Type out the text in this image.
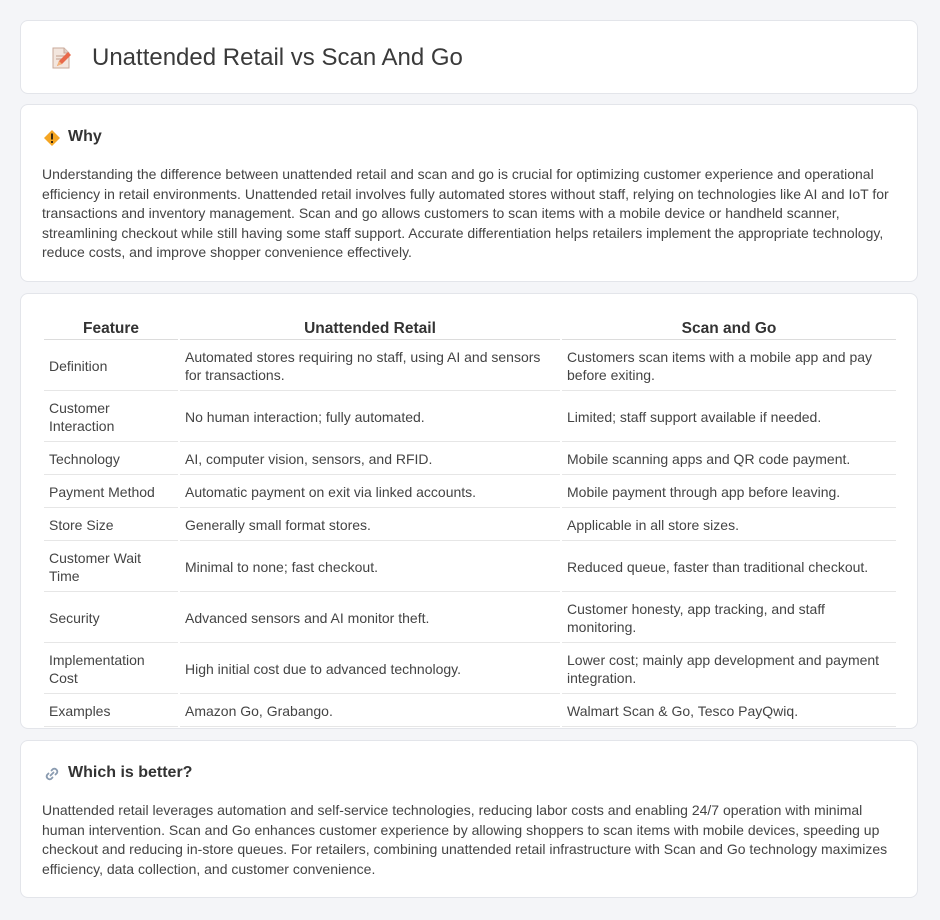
Unattended Retail vs Scan And Go
Why

Understanding the difference between unattended retail and scan and go is crucial for optimizing customer experience and operational efficiency in retail environments. Unattended retail involves fully automated stores without staff, relying on technologies like AI and IoT for transactions and inventory management. Scan and go allows customers to scan items with a mobile device or handheld scanner, streamlining checkout while still having some staff support. Accurate differentiation helps retailers implement the appropriate technology, reduce costs, and improve shopper convenience effectively.

Feature	Unattended Retail	Scan and Go
Definition	Automated stores requiring no staff, using AI and sensors for transactions.	Customers scan items with a mobile app and pay before exiting.
Customer Interaction	No human interaction; fully automated.	Limited; staff support available if needed.
Technology	AI, computer vision, sensors, and RFID.	Mobile scanning apps and QR code payment.
Payment Method	Automatic payment on exit via linked accounts.	Mobile payment through app before leaving.
Store Size	Generally small format stores.	Applicable in all store sizes.
Customer Wait Time	Minimal to none; fast checkout.	Reduced queue, faster than traditional checkout.
Security	Advanced sensors and AI monitor theft.	Customer honesty, app tracking, and staff monitoring.
Implementation Cost	High initial cost due to advanced technology.	Lower cost; mainly app development and payment integration.
Examples	Amazon Go, Grabango.	Walmart Scan & Go, Tesco PayQwiq.
Which is better?

Unattended retail leverages automation and self-service technologies, reducing labor costs and enabling 24/7 operation with minimal human intervention. Scan and Go enhances customer experience by allowing shoppers to scan items with mobile devices, speeding up checkout and reducing in-store queues. For retailers, combining unattended retail infrastructure with Scan and Go technology maximizes efficiency, data collection, and customer convenience.
